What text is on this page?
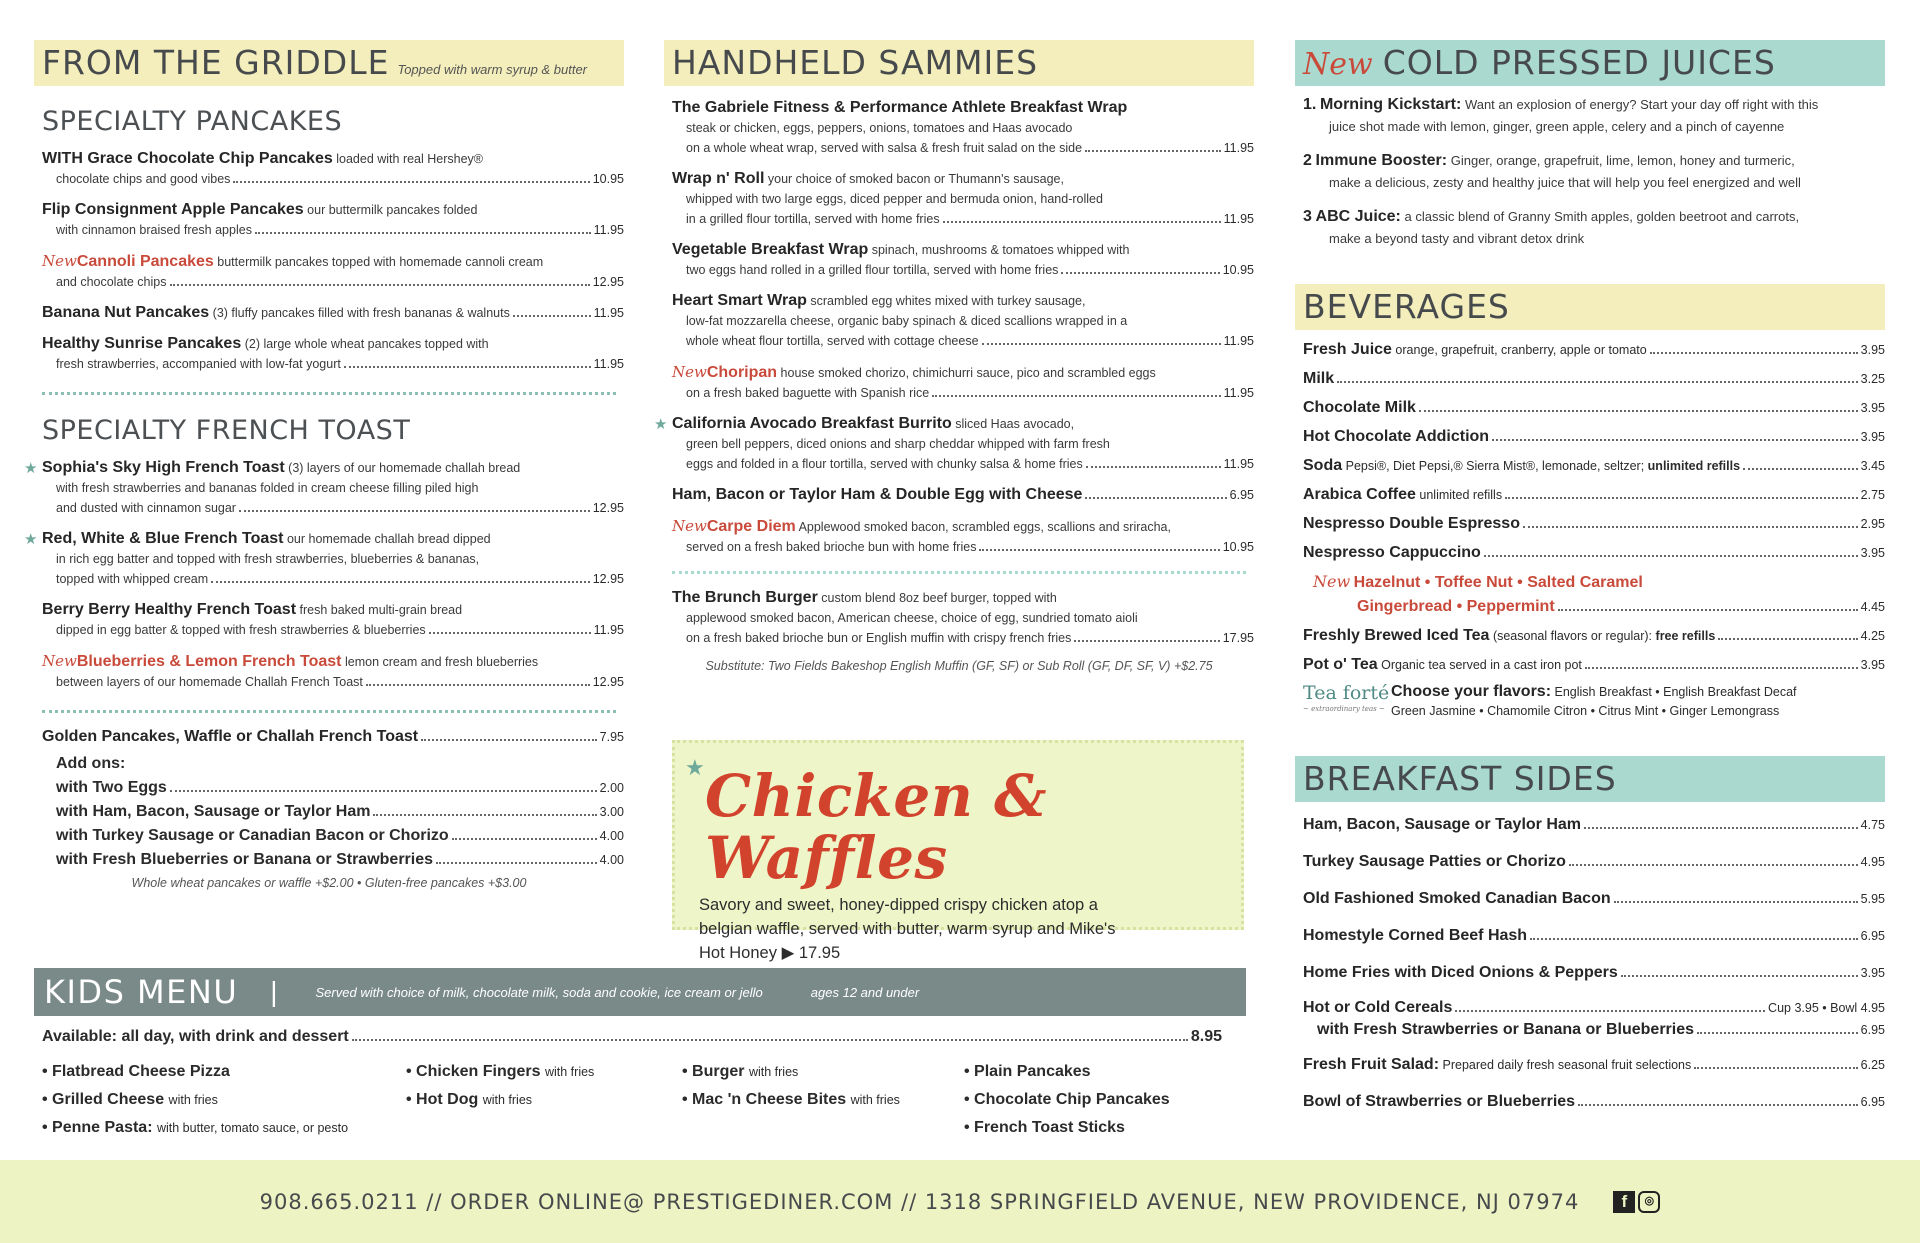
FROM THE GRIDDLE Topped with warm syrup & butter
SPECIALTY PANCAKES
WITH Grace Chocolate Chip Pancakes loaded with real Hershey®
chocolate chips and good vibes	10.95
Flip Consignment Apple Pancakes our buttermilk pancakes folded
with cinnamon braised fresh apples	11.95
NewCannoli Pancakes buttermilk pancakes topped with homemade cannoli cream
and chocolate chips	12.95
Banana Nut Pancakes (3) fluffy pancakes filled with fresh bananas & walnuts	11.95
Healthy Sunrise Pancakes (2) large whole wheat pancakes topped with
fresh strawberries, accompanied with low-fat yogurt	11.95
SPECIALTY FRENCH TOAST
★ Sophia's Sky High French Toast (3) layers of our homemade challah bread
with fresh strawberries and bananas folded in cream cheese filling piled high
and dusted with cinnamon sugar	12.95
★ Red, White & Blue French Toast our homemade challah bread dipped
in rich egg batter and topped with fresh strawberries, blueberries & bananas,
topped with whipped cream	12.95
Berry Berry Healthy French Toast fresh baked multi-grain bread
dipped in egg batter & topped with fresh strawberries & blueberries	11.95
NewBlueberries & Lemon French Toast lemon cream and fresh blueberries
between layers of our homemade Challah French Toast	12.95
Golden Pancakes, Waffle or Challah French Toast	7.95
Add ons:
with Two Eggs	2.00
with Ham, Bacon, Sausage or Taylor Ham	3.00
with Turkey Sausage or Canadian Bacon or Chorizo	4.00
with Fresh Blueberries or Banana or Strawberries	4.00
Whole wheat pancakes or waffle +$2.00 • Gluten-free pancakes +$3.00
HANDHELD SAMMIES
The Gabriele Fitness & Performance Athlete Breakfast Wrap
steak or chicken, eggs, peppers, onions, tomatoes and Haas avocado
on a whole wheat wrap, served with salsa & fresh fruit salad on the side	11.95
Wrap n' Roll your choice of smoked bacon or Thumann's sausage,
whipped with two large eggs, diced pepper and bermuda onion, hand-rolled
in a grilled flour tortilla, served with home fries	11.95
Vegetable Breakfast Wrap spinach, mushrooms & tomatoes whipped with
two eggs hand rolled in a grilled flour tortilla, served with home fries	10.95
Heart Smart Wrap scrambled egg whites mixed with turkey sausage,
low-fat mozzarella cheese, organic baby spinach & diced scallions wrapped in a
whole wheat flour tortilla, served with cottage cheese	11.95
NewChoripan house smoked chorizo, chimichurri sauce, pico and scrambled eggs
on a fresh baked baguette with Spanish rice	11.95
★ California Avocado Breakfast Burrito sliced Haas avocado,
green bell peppers, diced onions and sharp cheddar whipped with farm fresh
eggs and folded in a flour tortilla, served with chunky salsa & home fries	11.95
Ham, Bacon or Taylor Ham & Double Egg with Cheese	6.95
NewCarpe Diem Applewood smoked bacon, scrambled eggs, scallions and sriracha,
served on a fresh baked brioche bun with home fries	10.95
The Brunch Burger custom blend 8oz beef burger, topped with
applewood smoked bacon, American cheese, choice of egg, sundried tomato aioli
on a fresh baked brioche bun or English muffin with crispy french fries	17.95
Substitute: Two Fields Bakeshop English Muffin (GF, SF) or Sub Roll (GF, DF, SF, V) +$2.75
★ Chicken & Waffles
Savory and sweet, honey-dipped crispy chicken atop a belgian waffle, served with butter, warm syrup and Mike's Hot Honey ▶ 17.95
New COLD PRESSED JUICES
1. Morning Kickstart: Want an explosion of energy? Start your day off right with this
juice shot made with lemon, ginger, green apple, celery and a pinch of cayenne
2 Immune Booster: Ginger, orange, grapefruit, lime, lemon, honey and turmeric,
make a delicious, zesty and healthy juice that will help you feel energized and well
3 ABC Juice: a classic blend of Granny Smith apples, golden beetroot and carrots,
make a beyond tasty and vibrant detox drink
BEVERAGES
Fresh Juice orange, grapefruit, cranberry, apple or tomato	3.95
Milk	3.25
Chocolate Milk	3.95
Hot Chocolate Addiction	3.95
Soda Pepsi®, Diet Pepsi,® Sierra Mist®, lemonade, seltzer; unlimited refills	3.45
Arabica Coffee unlimited refills	2.75
Nespresso Double Espresso	2.95
Nespresso Cappuccino	3.95
New Hazelnut • Toffee Nut • Salted Caramel
Gingerbread • Peppermint	4.45
Freshly Brewed Iced Tea (seasonal flavors or regular): free refills	4.25
Pot o' Tea Organic tea served in a cast iron pot	3.95
Tea forté
~ extraordinary teas ~
Choose your flavors: English Breakfast • English Breakfast Decaf
Green Jasmine • Chamomile Citron • Citrus Mint • Ginger Lemongrass
BREAKFAST SIDES
Ham, Bacon, Sausage or Taylor Ham	4.75
Turkey Sausage Patties or Chorizo	4.95
Old Fashioned Smoked Canadian Bacon	5.95
Homestyle Corned Beef Hash	6.95
Home Fries with Diced Onions & Peppers	3.95
Hot or Cold Cereals	Cup 3.95 • Bowl 4.95
with Fresh Strawberries or Banana or Blueberries	6.95
Fresh Fruit Salad: Prepared daily fresh seasonal fruit selections	6.25
Bowl of Strawberries or Blueberries	6.95
KIDS MENU |	Served with choice of milk, chocolate milk, soda and cookie, ice cream or jello	ages 12 and under
Available: all day, with drink and dessert	8.95
• Flatbread Cheese Pizza
• Grilled Cheese with fries
• Penne Pasta: with butter, tomato sauce, or pesto
• Chicken Fingers with fries
• Hot Dog with fries
• Burger with fries
• Mac 'n Cheese Bites with fries
• Plain Pancakes
• Chocolate Chip Pancakes
• French Toast Sticks
908.665.0211 // ORDER ONLINE@ PRESTIGEDINER.COM // 1318 SPRINGFIELD AVENUE, NEW PROVIDENCE, NJ 07974	f	◎
